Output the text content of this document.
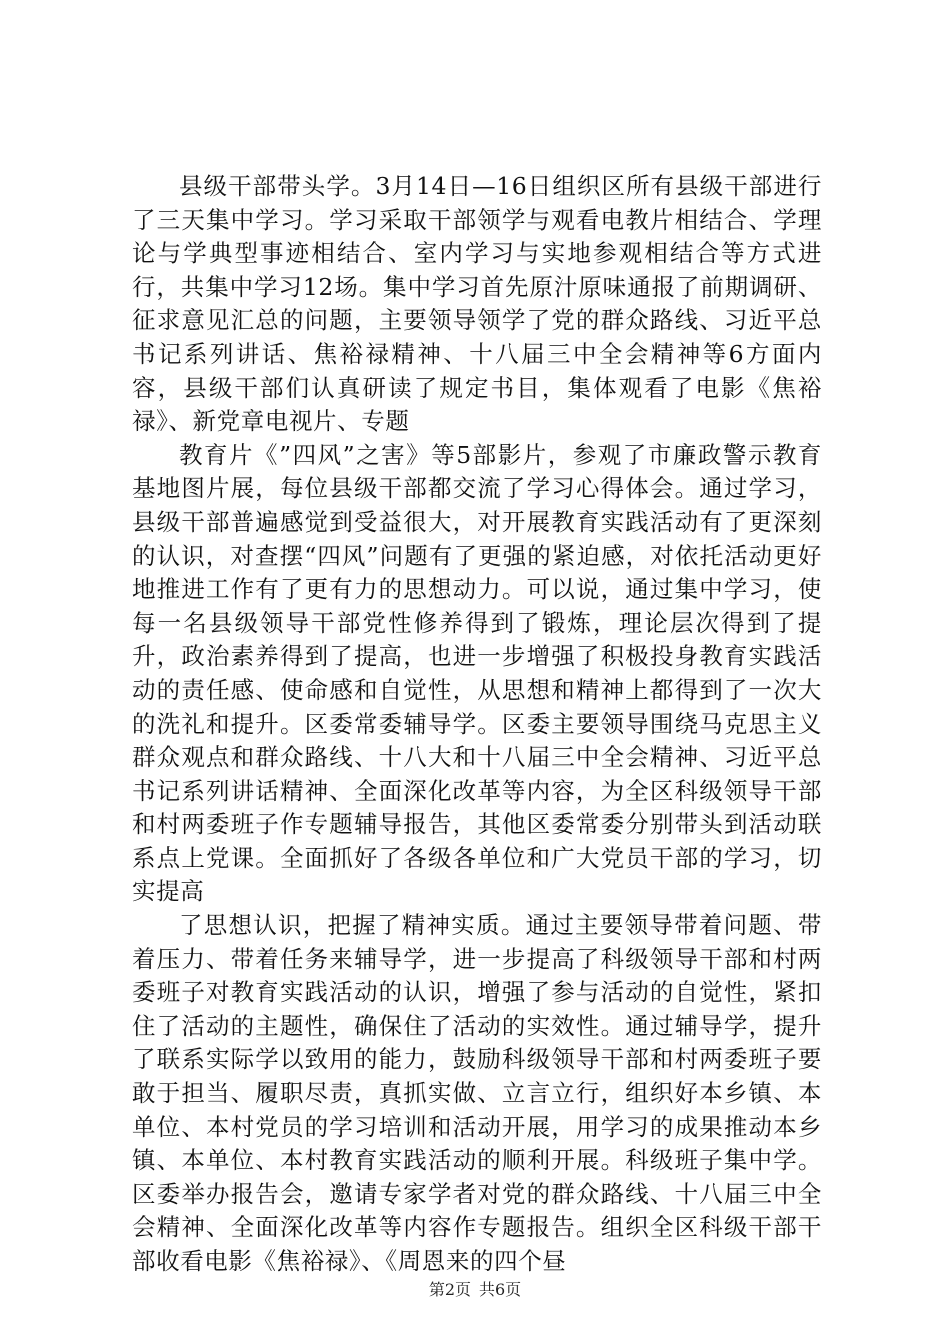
县级干部带头学。3月14日—16日组织区所有县级干部进行了三天集中学习。学习采取干部领学与观看电教片相结合、学理论与学典型事迹相结合、室内学习与实地参观相结合等方式进行，共集中学习12场。集中学习首先原汁原味通报了前期调研、征求意见汇总的问题，主要领导领学了党的群众路线、习近平总书记系列讲话、焦裕禄精神、十八届三中全会精神等6方面内容，县级干部们认真研读了规定书目，集体观看了电影《焦裕禄》、新党章电视片、专题

教育片《”四风”之害》等5部影片，参观了市廉政警示教育基地图片展，每位县级干部都交流了学习心得体会。通过学习，县级干部普遍感觉到受益很大，对开展教育实践活动有了更深刻的认识，对查摆“四风”问题有了更强的紧迫感，对依托活动更好地推进工作有了更有力的思想动力。可以说，通过集中学习，使每一名县级领导干部党性修养得到了锻炼，理论层次得到了提升，政治素养得到了提高，也进一步增强了积极投身教育实践活动的责任感、使命感和自觉性，从思想和精神上都得到了一次大的洗礼和提升。区委常委辅导学。区委主要领导围绕马克思主义群众观点和群众路线、十八大和十八届三中全会精神、习近平总书记系列讲话精神、全面深化改革等内容，为全区科级领导干部和村两委班子作专题辅导报告，其他区委常委分别带头到活动联系点上党课。全面抓好了各级各单位和广大党员干部的学习，切实提高

了思想认识，把握了精神实质。通过主要领导带着问题、带着压力、带着任务来辅导学，进一步提高了科级领导干部和村两委班子对教育实践活动的认识，增强了参与活动的自觉性，紧扣住了活动的主题性，确保住了活动的实效性。通过辅导学，提升了联系实际学以致用的能力，鼓励科级领导干部和村两委班子要敢于担当、履职尽责，真抓实做、立言立行，组织好本乡镇、本单位、本村党员的学习培训和活动开展，用学习的成果推动本乡镇、本单位、本村教育实践活动的顺利开展。科级班子集中学。区委举办报告会，邀请专家学者对党的群众路线、十八届三中全会精神、全面深化改革等内容作专题报告。组织全区科级干部干部收看电影《焦裕禄》、《周恩来的四个昼

第2页 共6页
